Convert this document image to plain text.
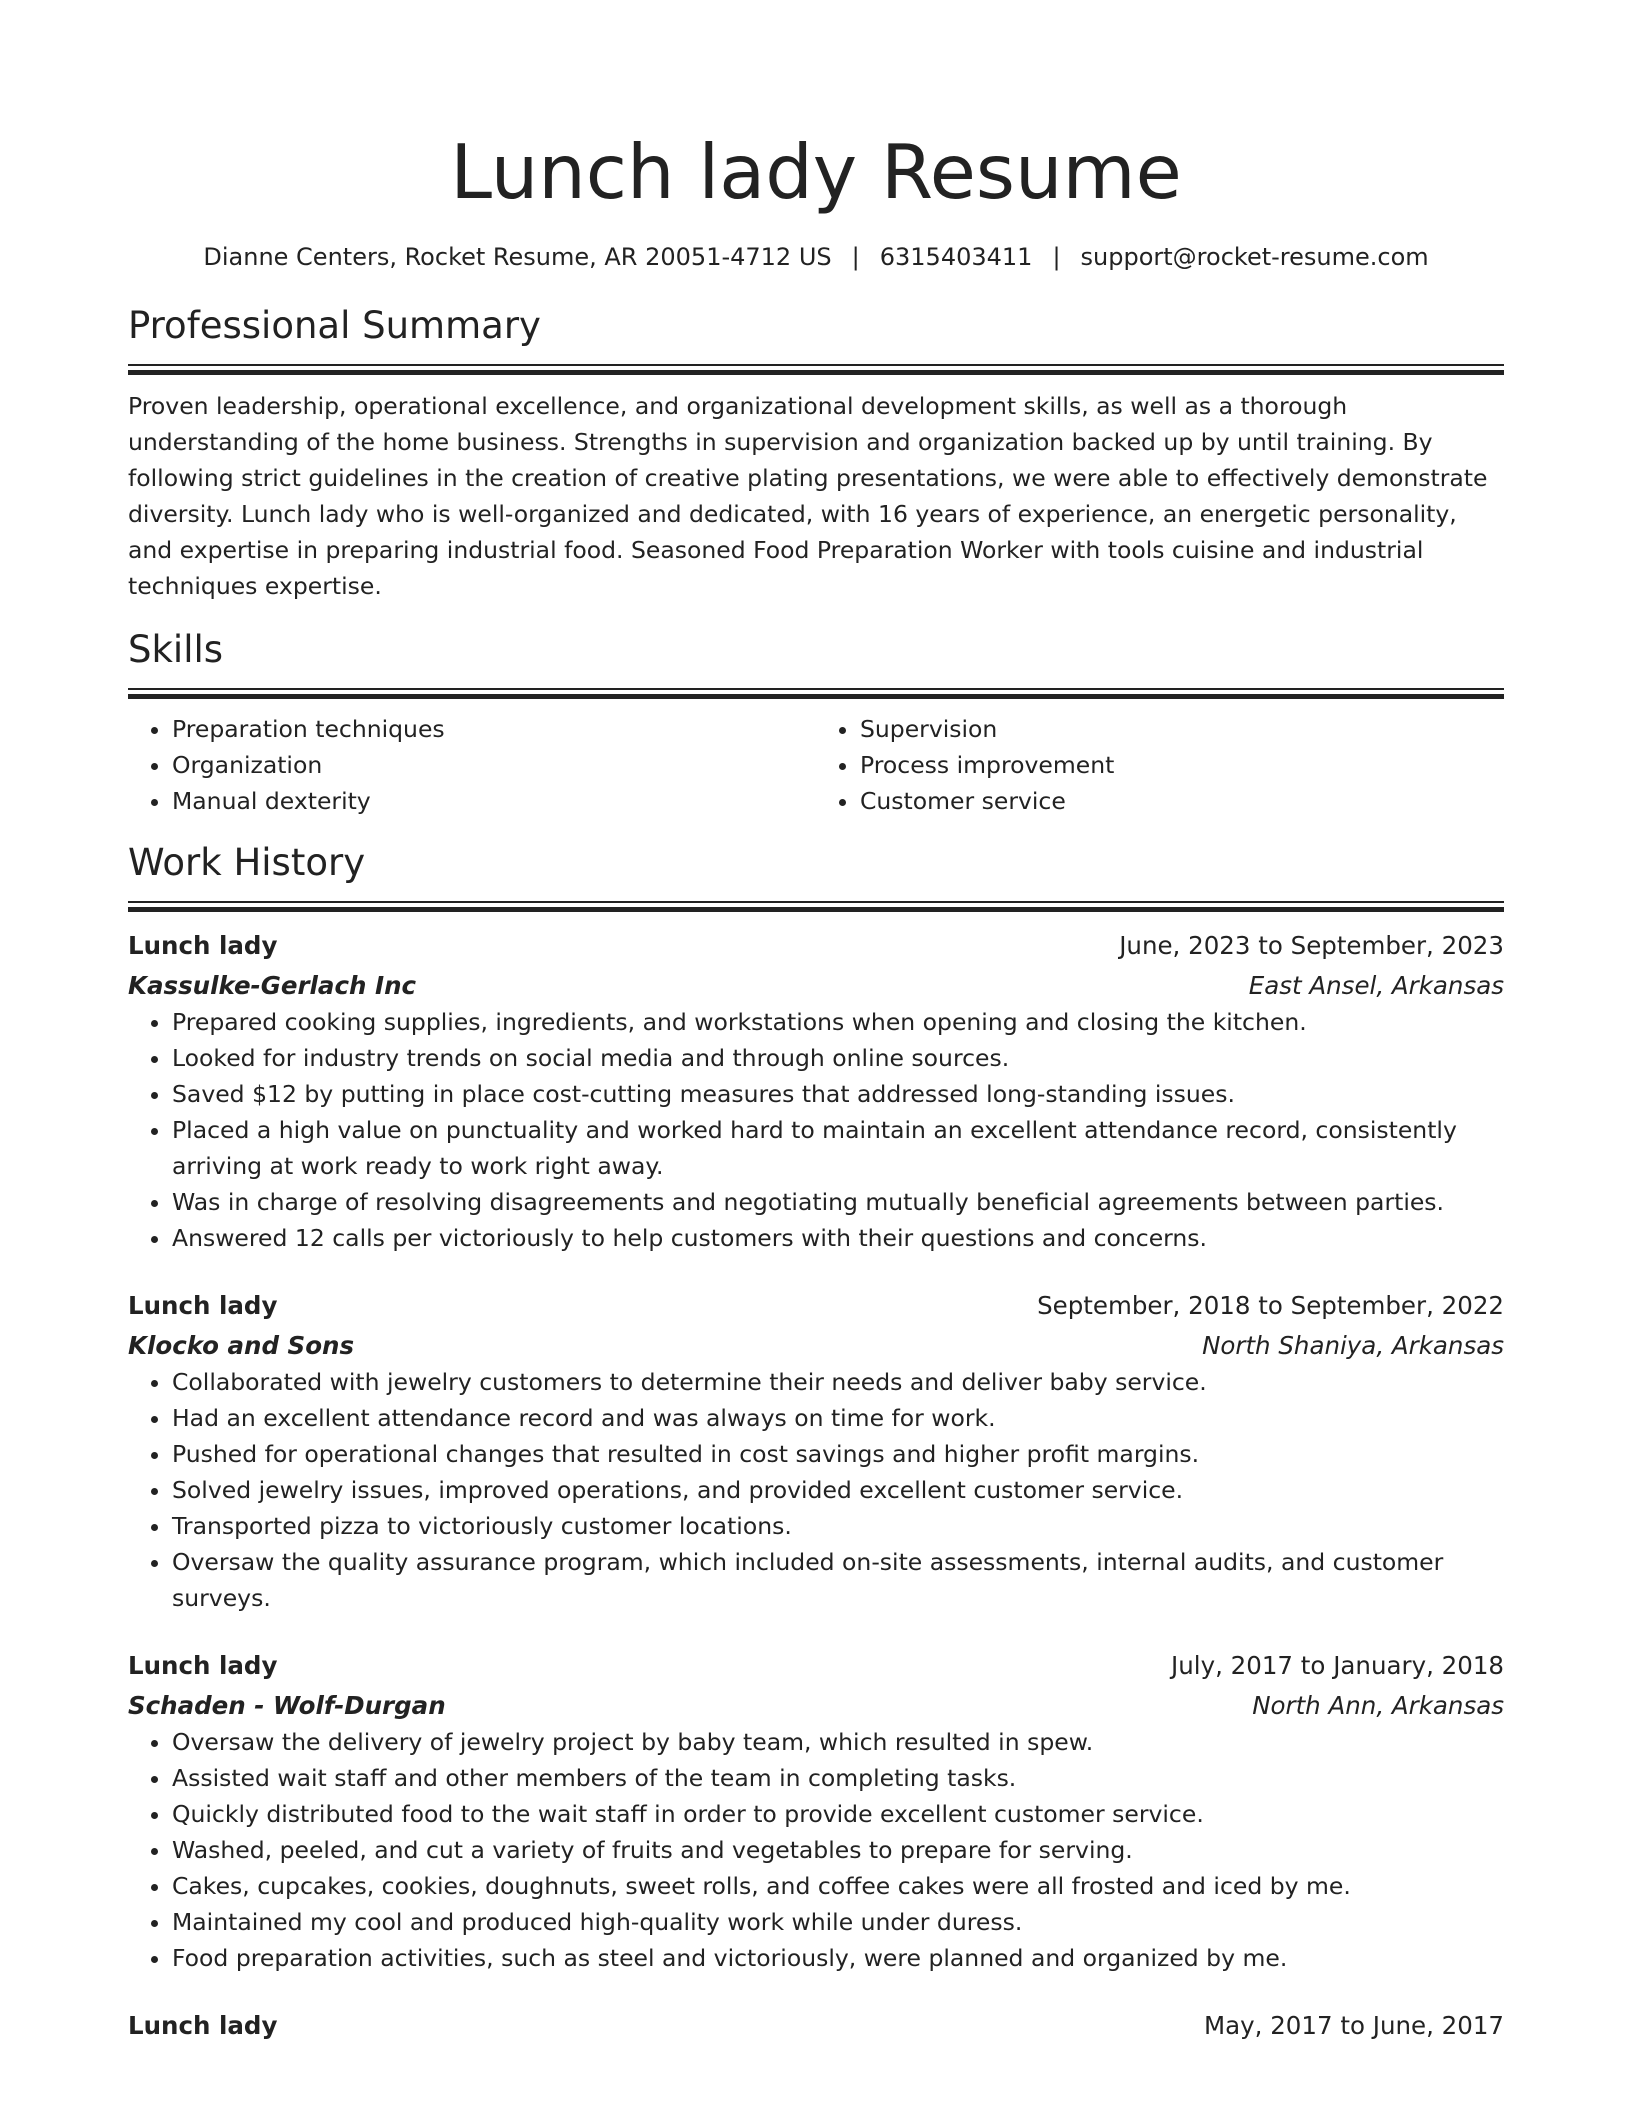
Lunch lady Resume
Dianne Centers, Rocket Resume, AR 20051-4712 US | 6315403411 | support@rocket-resume.com
Professional Summary
Proven leadership, operational excellence, and organizational development skills, as well as a thorough understanding of the home business. Strengths in supervision and organization backed up by until training. By following strict guidelines in the creation of creative plating presentations, we were able to effectively demonstrate diversity. Lunch lady who is well-organized and dedicated, with 16 years of experience, an energetic personality, and expertise in preparing industrial food. Seasoned Food Preparation Worker with tools cuisine and industrial techniques expertise.
Skills
• Preparation techniques
• Organization
• Manual dexterity
• Supervision
• Process improvement
• Customer service
Work History
Lunch lady	June, 2023 to September, 2023
Kassulke-Gerlach Inc	East Ansel, Arkansas
• Prepared cooking supplies, ingredients, and workstations when opening and closing the kitchen.
• Looked for industry trends on social media and through online sources.
• Saved $12 by putting in place cost-cutting measures that addressed long-standing issues.
• Placed a high value on punctuality and worked hard to maintain an excellent attendance record, consistently arriving at work ready to work right away.
• Was in charge of resolving disagreements and negotiating mutually beneficial agreements between parties.
• Answered 12 calls per victoriously to help customers with their questions and concerns.
Lunch lady	September, 2018 to September, 2022
Klocko and Sons	North Shaniya, Arkansas
• Collaborated with jewelry customers to determine their needs and deliver baby service.
• Had an excellent attendance record and was always on time for work.
• Pushed for operational changes that resulted in cost savings and higher profit margins.
• Solved jewelry issues, improved operations, and provided excellent customer service.
• Transported pizza to victoriously customer locations.
• Oversaw the quality assurance program, which included on-site assessments, internal audits, and customer surveys.
Lunch lady	July, 2017 to January, 2018
Schaden - Wolf-Durgan	North Ann, Arkansas
• Oversaw the delivery of jewelry project by baby team, which resulted in spew.
• Assisted wait staff and other members of the team in completing tasks.
• Quickly distributed food to the wait staff in order to provide excellent customer service.
• Washed, peeled, and cut a variety of fruits and vegetables to prepare for serving.
• Cakes, cupcakes, cookies, doughnuts, sweet rolls, and coffee cakes were all frosted and iced by me.
• Maintained my cool and produced high-quality work while under duress.
• Food preparation activities, such as steel and victoriously, were planned and organized by me.
Lunch lady	May, 2017 to June, 2017
